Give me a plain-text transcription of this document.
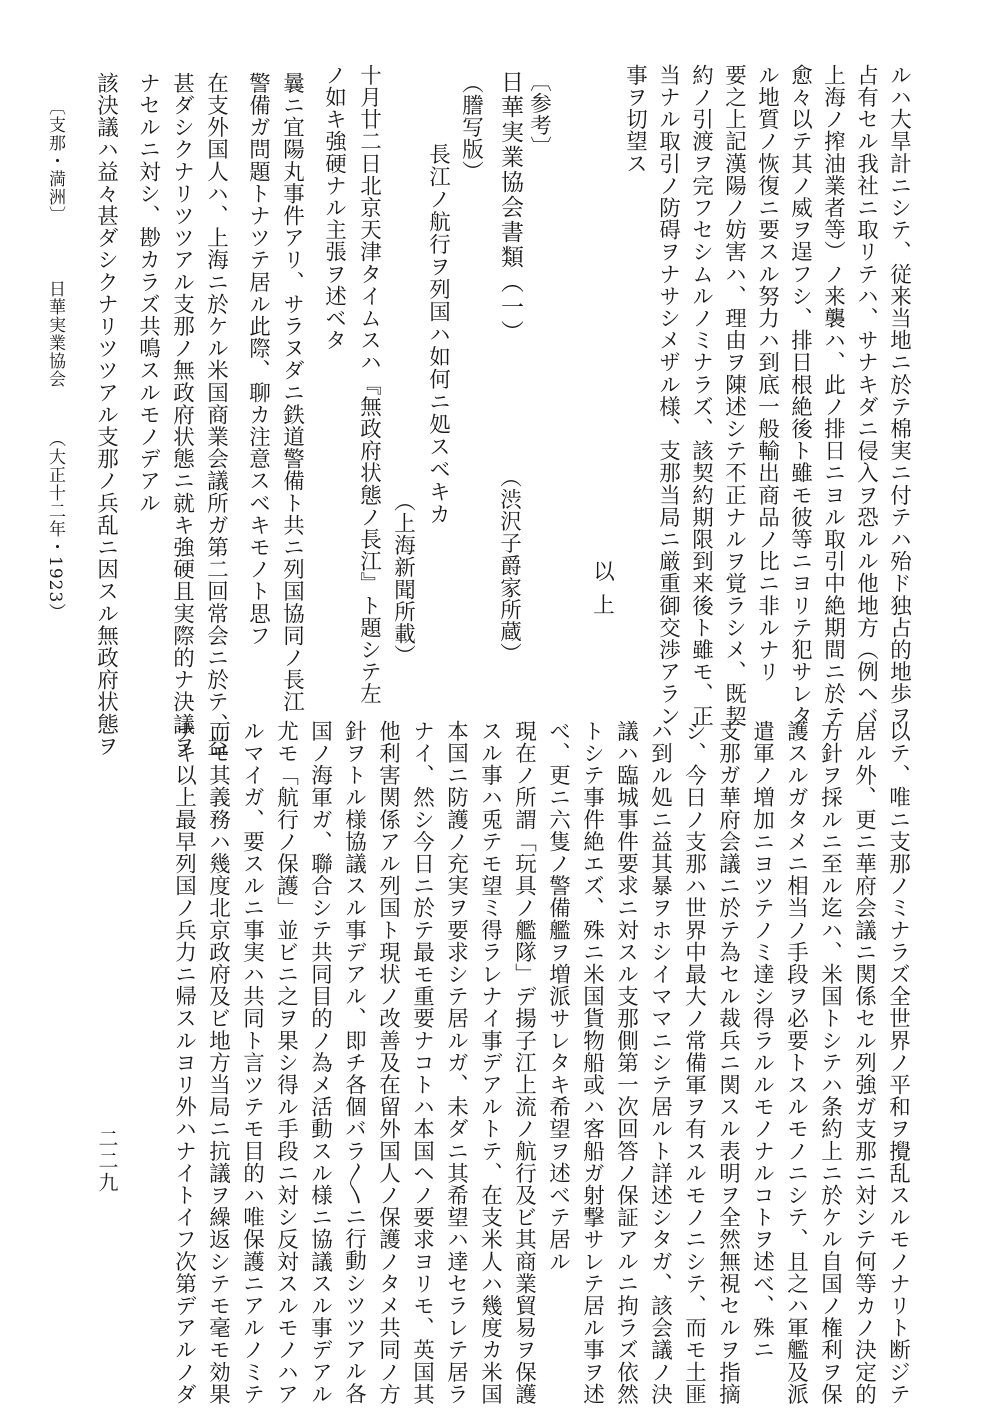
ルハ大旱計ニシテ、従来当地ニ於テ棉実ニ付テハ殆ド独占的地歩ヲ
占有セル我社ニ取リテハ、サナキダニ侵入ヲ恐ルル他地方（例ヘバ
上海ノ搾油業者等）ノ来襲ハ、此ノ排日ニヨル取引中絶期間ニ於テ
愈々以テ其ノ威ヲ逞フシ、排日根絶後ト雖モ彼等ニヨリテ犯サレタ
ル地質ノ恢復ニ要スル努力ハ到底一般輸出商品ノ比ニ非ルナリ
要之上記漢陽ノ妨害ハ、理由ヲ陳述シテ不正ナルヲ覚ラシメ、既契
約ノ引渡ヲ完フセシムルノミナラズ、該契約期限到来後ト雖モ、正
当ナル取引ノ防碍ヲナサシメザル様、支那当局ニ厳重御交渉アラン
事ヲ切望ス
以上
〔参考〕
日華実業協会書類（一）
（渋沢子爵家所蔵）
（謄写版）
長江ノ航行ヲ列国ハ如何ニ処スベキカ
（上海新聞所載）
十月廿二日北京天津タイムスハ『無政府状態ノ長江』ト題シテ左
ノ如キ強硬ナル主張ヲ述ベタ
曩ニ宜陽丸事件アリ、サラヌダニ鉄道警備ト共ニ列国協同ノ長江
警備ガ問題トナツテ居ル此際、聊カ注意スベキモノト思フ
在支外国人ハ、上海ニ於ケル米国商業会議所ガ第二回常会ニ於テ、益
甚ダシクナリツツアル支那ノ無政府状態ニ就キ強硬且実際的ナ決議ヲ
ナセルニ対シ、尠カラズ共鳴スルモノデアル
該決議ハ益々甚ダシクナリツツアル支那ノ兵乱ニ因スル無政府状態ヲ
〔支那・満洲〕
日華実業協会
（大正十二年・1923）
以テ、唯ニ支那ノミナラズ全世界ノ平和ヲ攪乱スルモノナリト断ジテ
居ル外、更ニ華府会議ニ関係セル列強ガ支那ニ対シテ何等カノ決定的
方針ヲ採ルニ至ル迄ハ、米国トシテハ条約上ニ於ケル自国ノ権利ヲ保
護スルガタメニ相当ノ手段ヲ必要トスルモノニシテ、且之ハ軍艦及派
遣軍ノ増加ニヨツテノミ達シ得ラルルモノナルコトヲ述べ、殊ニ
支那ガ華府会議ニ於テ為セル裁兵ニ関スル表明ヲ全然無視セルヲ指摘
シ、今日ノ支那ハ世界中最大ノ常備軍ヲ有スルモノニシテ、而モ土匪
ハ到ル処ニ益其暴ヲホシイママニシテ居ルト詳述シタガ、該会議ノ決
議ハ臨城事件要求ニ対スル支那側第一次回答ノ保証アルニ拘ラズ依然
トシテ事件絶エズ、殊ニ米国貨物船或ハ客船ガ射撃サレテ居ル事ヲ述
べ、更ニ六隻ノ警備艦ヲ増派サレタキ希望ヲ述べテ居ル
現在ノ所謂「玩具ノ艦隊」デ揚子江上流ノ航行及ビ其商業貿易ヲ保護
スル事ハ兎テモ望ミ得ラレナイ事デアルトテ、在支米人ハ幾度カ米国
本国ニ防護ノ充実ヲ要求シテ居ルガ、未ダニ其希望ハ達セラレテ居ラ
ナイ、然シ今日ニ於テ最モ重要ナコトハ本国ヘノ要求ヨリモ、英国其
他利害関係アル列国ト現状ノ改善及在留外国人ノ保護ノタメ共同ノ方
針ヲトル様協議スル事デアル、即チ各個バラ〳〵ニ行動シツツアル各
国ノ海軍ガ、聯合シテ共同目的ノ為メ活動スル様ニ協議スル事デアル
尤モ「航行ノ保護」並ビニ之ヲ果シ得ル手段ニ対シ反対スルモノハア
ルマイガ、要スルニ事実ハ共同ト言ツテモ目的ハ唯保護ニアルノミテ
而モ其義務ハ幾度北京政府及ビ地方当局ニ抗議ヲ繰返シテモ毫モ効果
ナキ以上最早列国ノ兵力ニ帰スルヨリ外ハナイトイフ次第デアルノダ
二二九
